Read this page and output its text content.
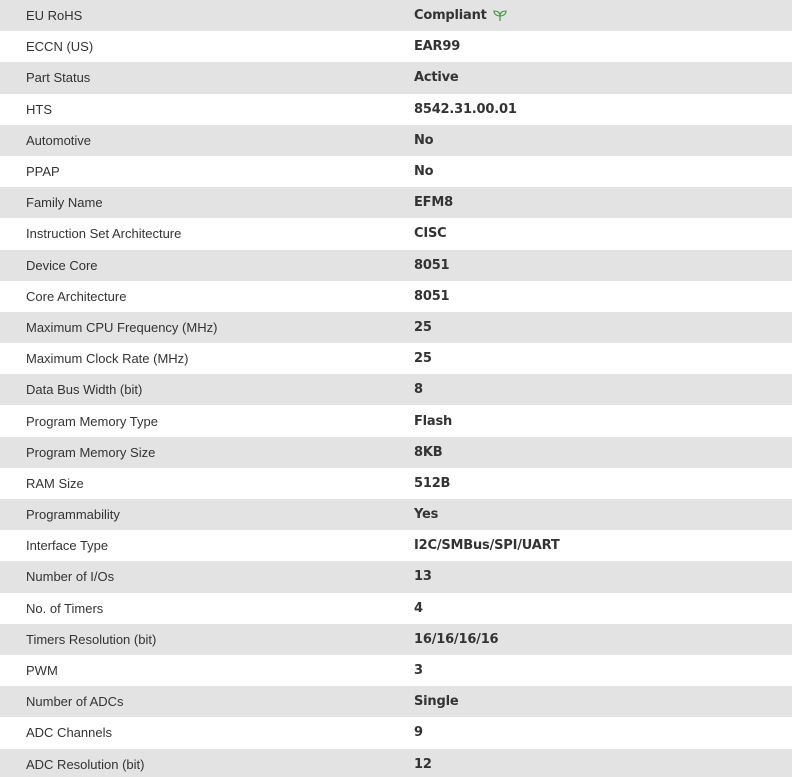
EU RoHS	Compliant
ECCN (US)	EAR99
Part Status	Active
HTS	8542.31.00.01
Automotive	No
PPAP	No
Family Name	EFM8
Instruction Set Architecture	CISC
Device Core	8051
Core Architecture	8051
Maximum CPU Frequency (MHz)	25
Maximum Clock Rate (MHz)	25
Data Bus Width (bit)	8
Program Memory Type	Flash
Program Memory Size	8KB
RAM Size	512B
Programmability	Yes
Interface Type	I2C/SMBus/SPI/UART
Number of I/Os	13
No. of Timers	4
Timers Resolution (bit)	16/16/16/16
PWM	3
Number of ADCs	Single
ADC Channels	9
ADC Resolution (bit)	12
